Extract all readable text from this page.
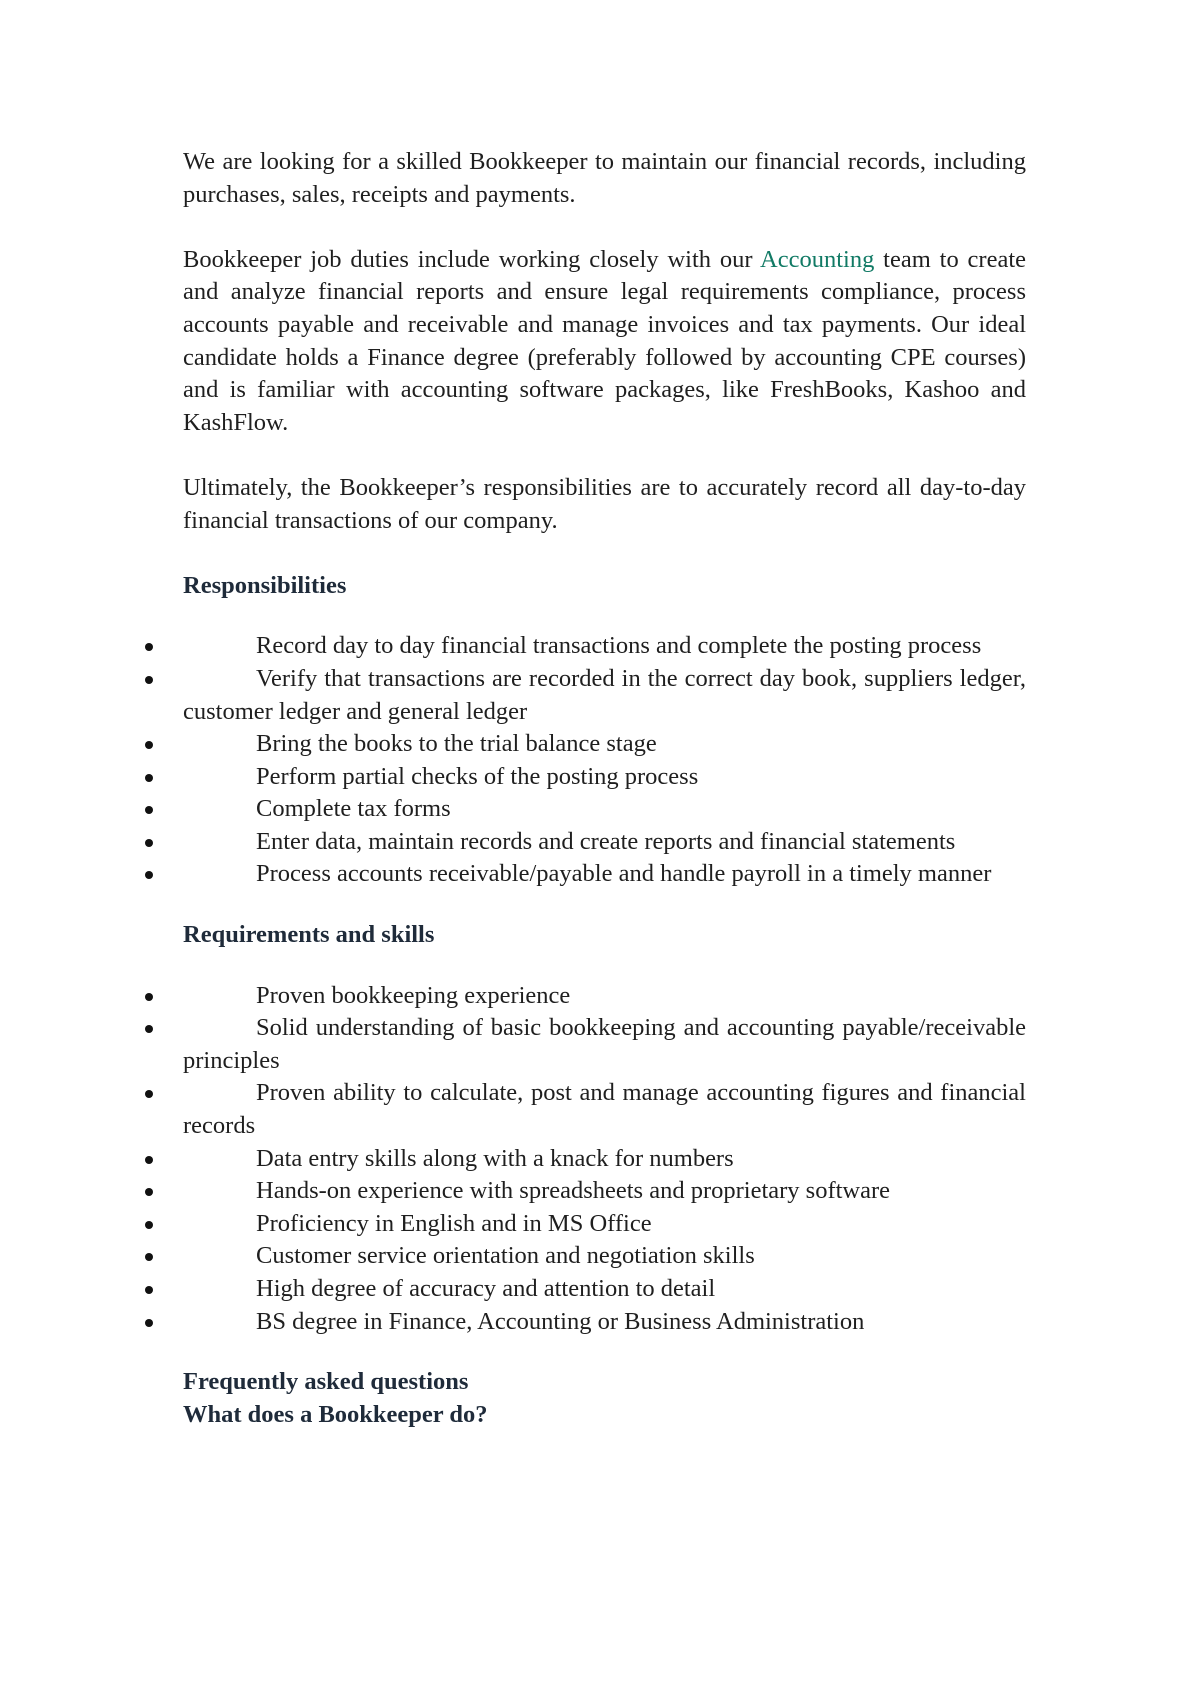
We are looking for a skilled Bookkeeper to maintain our financial records, including purchases, sales, receipts and payments.

Bookkeeper job duties include working closely with our Accounting team to create and analyze financial reports and ensure legal requirements compliance, process accounts payable and receivable and manage invoices and tax payments. Our ideal candidate holds a Finance degree (preferably followed by accounting CPE courses) and is familiar with accounting software packages, like FreshBooks, Kashoo and KashFlow.

Ultimately, the Bookkeeper’s responsibilities are to accurately record all day-to-day financial transactions of our company.

Responsibilities
Record day to day financial transactions and complete the posting process
Verify that transactions are recorded in the correct day book, suppliers ledger, customer ledger and general ledger
Bring the books to the trial balance stage
Perform partial checks of the posting process
Complete tax forms
Enter data, maintain records and create reports and financial statements
Process accounts receivable/payable and handle payroll in a timely manner
Requirements and skills
Proven bookkeeping experience
Solid understanding of basic bookkeeping and accounting payable/receivable principles
Proven ability to calculate, post and manage accounting figures and financial records
Data entry skills along with a knack for numbers
Hands-on experience with spreadsheets and proprietary software
Proficiency in English and in MS Office
Customer service orientation and negotiation skills
High degree of accuracy and attention to detail
BS degree in Finance, Accounting or Business Administration
Frequently asked questions
What does a Bookkeeper do?
